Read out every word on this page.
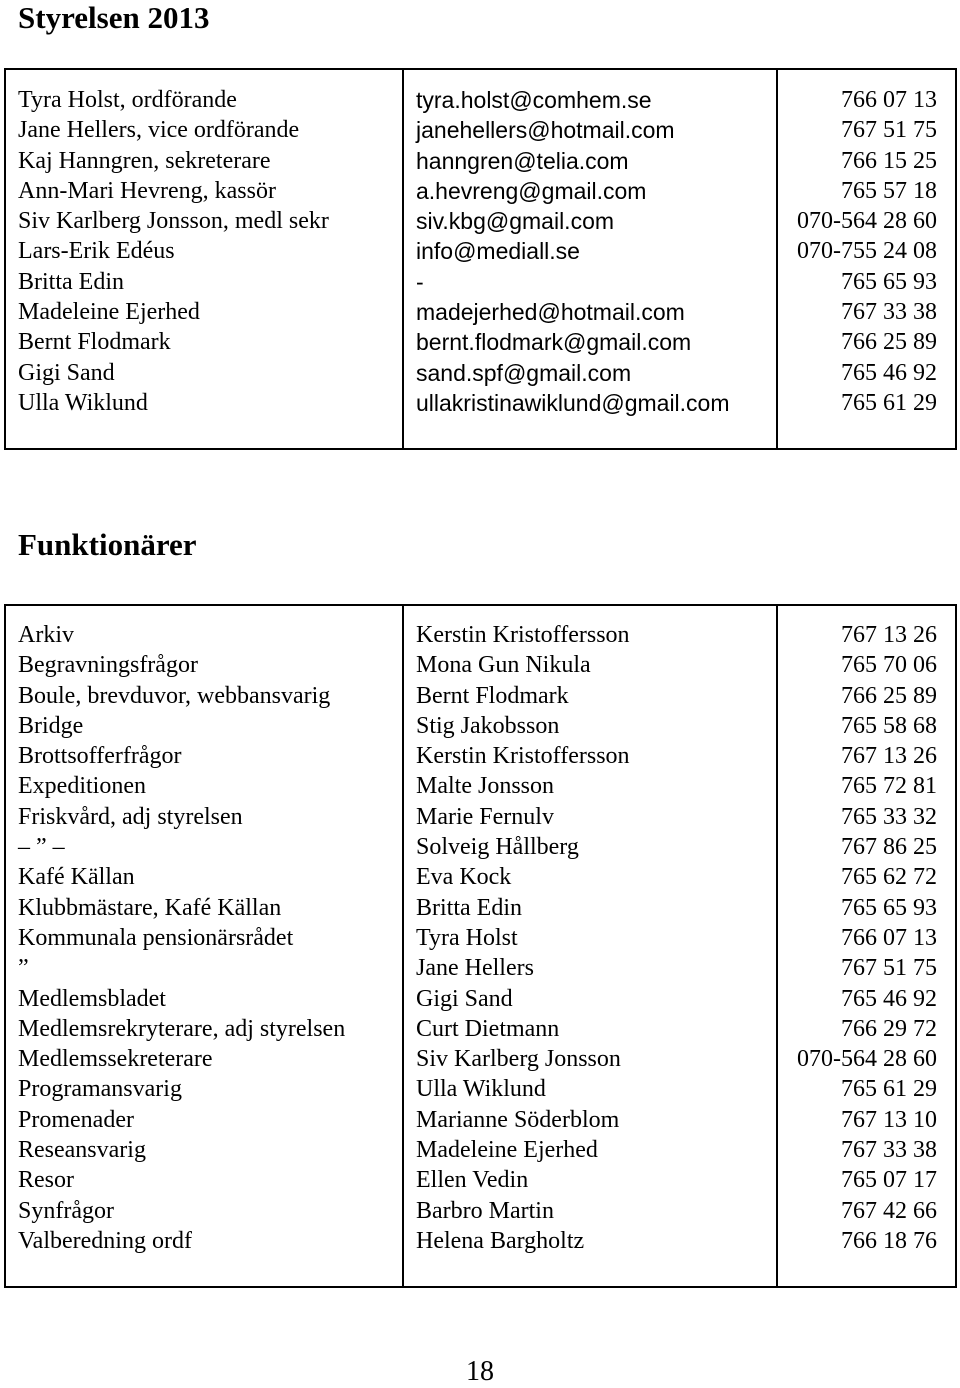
Styrelsen 2013
Tyra Holst, ordförande
Jane Hellers, vice ordförande
Kaj Hanngren, sekreterare
Ann-Mari Hevreng, kassör
Siv Karlberg Jonsson, medl sekr
Lars-Erik Edéus
Britta Edin
Madeleine Ejerhed
Bernt Flodmark
Gigi Sand
Ulla Wiklund
tyra.holst@comhem.se
janehellers@hotmail.com
hanngren@telia.com
a.hevreng@gmail.com
siv.kbg@gmail.com
info@mediall.se
-
madejerhed@hotmail.com
bernt.flodmark@gmail.com
sand.spf@gmail.com
ullakristinawiklund@gmail.com
766 07 13
767 51 75
766 15 25
765 57 18
070-564 28 60
070-755 24 08
765 65 93
767 33 38
766 25 89
765 46 92
765 61 29
Funktionärer
Arkiv
Begravningsfrågor
Boule, brevduvor, webbansvarig
Bridge
Brottsofferfrågor
Expeditionen
Friskvård, adj styrelsen
– ” –
Kafé Källan
Klubbmästare, Kafé Källan
Kommunala pensionärsrådet
”
Medlemsbladet
Medlemsrekryterare, adj styrelsen
Medlemssekreterare
Programansvarig
Promenader
Reseansvarig
Resor
Synfrågor
Valberedning ordf
Kerstin Kristoffersson
Mona Gun Nikula
Bernt Flodmark
Stig Jakobsson
Kerstin Kristoffersson
Malte Jonsson
Marie Fernulv
Solveig Hållberg
Eva Kock
Britta Edin
Tyra Holst
Jane Hellers
Gigi Sand
Curt Dietmann
Siv Karlberg Jonsson
Ulla Wiklund
Marianne Söderblom
Madeleine Ejerhed
Ellen Vedin
Barbro Martin
Helena Bargholtz
767 13 26
765 70 06
766 25 89
765 58 68
767 13 26
765 72 81
765 33 32
767 86 25
765 62 72
765 65 93
766 07 13
767 51 75
765 46 92
766 29 72
070-564 28 60
765 61 29
767 13 10
767 33 38
765 07 17
767 42 66
766 18 76
18
